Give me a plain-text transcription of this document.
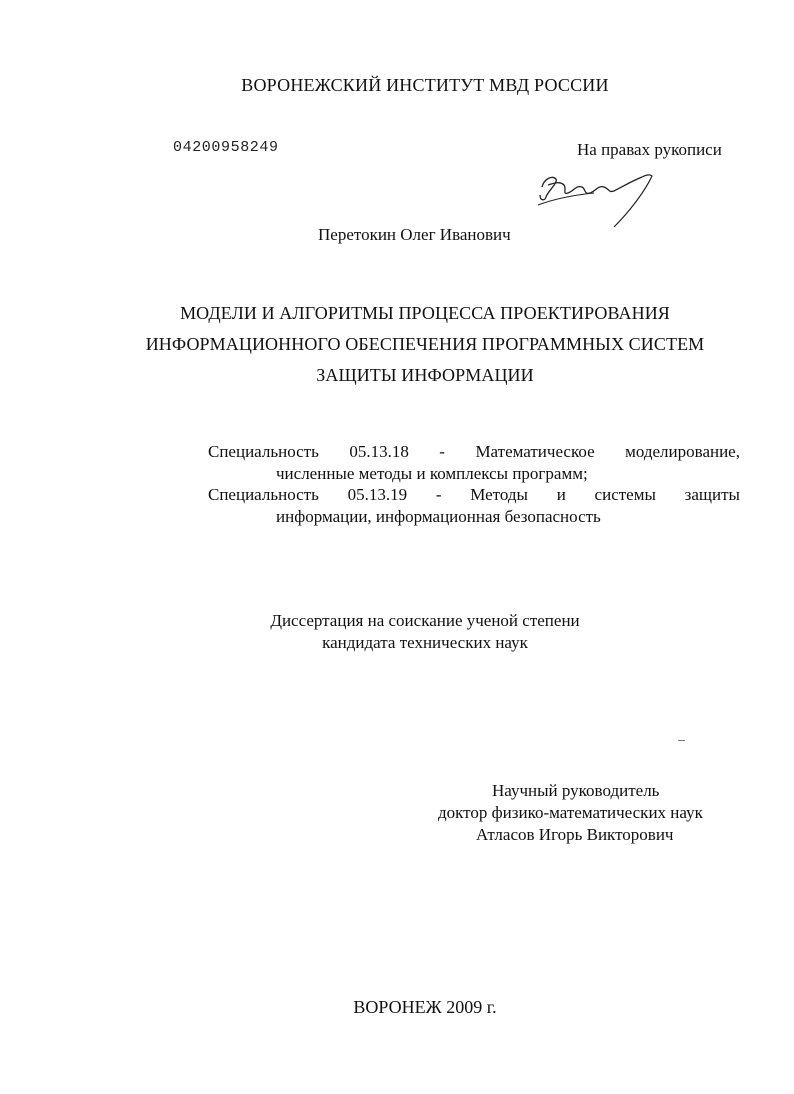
ВОРОНЕЖСКИЙ ИНСТИТУТ МВД РОССИИ
04200958249	На правах рукописи
Перетокин Олег Иванович
МОДЕЛИ И АЛГОРИТМЫ ПРОЦЕССА ПРОЕКТИРОВАНИЯ
ИНФОРМАЦИОННОГО ОБЕСПЕЧЕНИЯ ПРОГРАММНЫХ СИСТЕМ
ЗАЩИТЫ ИНФОРМАЦИИ
Специальность 05.13.18 - Математическое моделирование,
численные методы и комплексы программ;
Специальность 05.13.19 - Методы и системы защиты
информации, информационная безопасность
Диссертация на соискание ученой степени
кандидата технических наук
Научный руководитель
доктор физико-математических наук
Атласов Игорь Викторович
ВОРОНЕЖ 2009 г.
